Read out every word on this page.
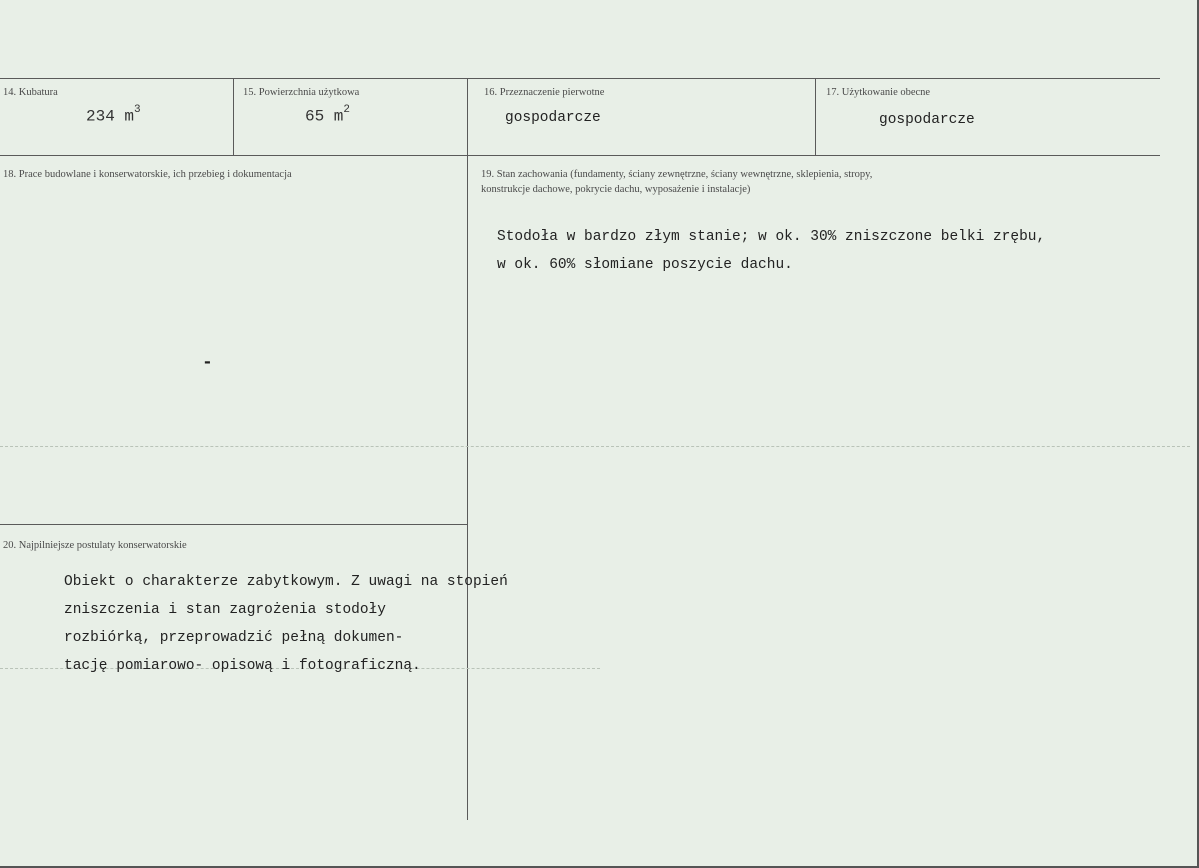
14. Kubatura
234 $m^3$
15. Powierzchnia użytkowa
65 $m^2$
16. Przeznaczenie pierwotne
gospodarcze
17. Użytkowanie obecne
gospodarcze
18. Prace budowlane i konserwatorskie, ich przebieg i dokumentacja
-
19. Stan zachowania (fundamenty, ściany zewnętrzne, ściany wewnętrzne, sklepienia, stropy,
konstrukcje dachowe, pokrycie dachu, wyposażenie i instalacje)
Stodoła w bardzo złym stanie; w ok. 30% zniszczone belki zrębu,
w ok. 60% słomiane poszycie dachu.
20. Najpilniejsze postulaty konserwatorskie
Obiekt o charakterze zabytkowym. Z uwagi na stopień
zniszczenia i stan zagrożenia stodoły
rozbiórką, przeprowadzić pełną dokumen-
tację pomiarowo- opisową i fotograficzną.
